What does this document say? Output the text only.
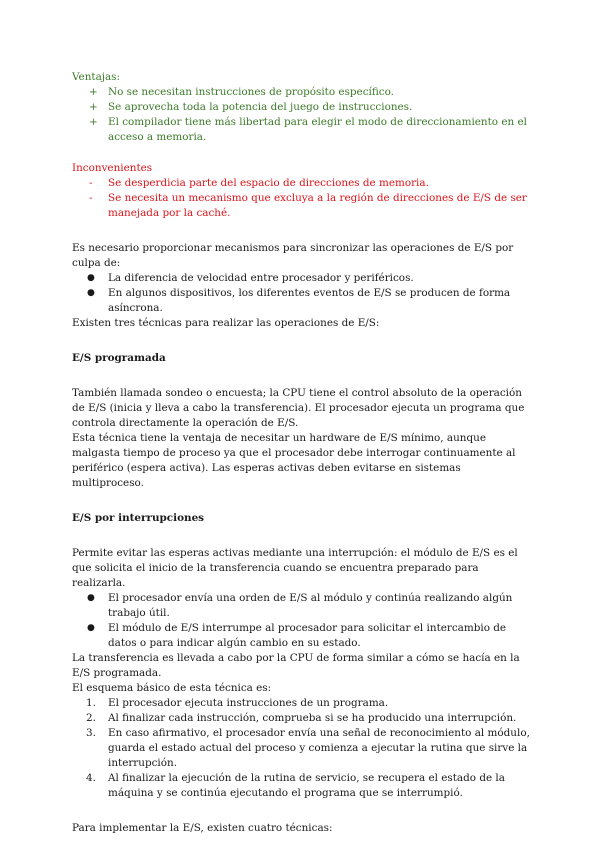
Ventajas:

+ No se necesitan instrucciones de propósito específico.
+ Se aprovecha toda la potencia del juego de instrucciones.
+ El compilador tiene más libertad para elegir el modo de direccionamiento en el acceso a memoria.

Inconvenientes

-	Se desperdicia parte del espacio de direcciones de memoria.
-	Se necesita un mecanismo que excluya a la región de direcciones de E/S de ser manejada por la caché.

Es necesario proporcionar mecanismos para sincronizar las operaciones de E/S por culpa de:

●	La diferencia de velocidad entre procesador y periféricos.
●	En algunos dispositivos, los diferentes eventos de E/S se producen de forma asíncrona.

Existen tres técnicas para realizar las operaciones de E/S:

E/S programada

También llamada sondeo o encuesta; la CPU tiene el control absoluto de la operación de E/S (inicia y lleva a cabo la transferencia). El procesador ejecuta un programa que controla directamente la operación de E/S.

Esta técnica tiene la ventaja de necesitar un hardware de E/S mínimo, aunque malgasta tiempo de proceso ya que el procesador debe interrogar continuamente al periférico (espera activa). Las esperas activas deben evitarse en sistemas multiproceso.

E/S por interrupciones

Permite evitar las esperas activas mediante una interrupción: el módulo de E/S es el que solicita el inicio de la transferencia cuando se encuentra preparado para realizarla.

●	El procesador envía una orden de E/S al módulo y continúa realizando algún trabajo útil.
●	El módulo de E/S interrumpe al procesador para solicitar el intercambio de datos o para indicar algún cambio en su estado.

La transferencia es llevada a cabo por la CPU de forma similar a cómo se hacía en la E/S programada.

El esquema básico de esta técnica es:

1.	El procesador ejecuta instrucciones de un programa.
2.	Al finalizar cada instrucción, comprueba si se ha producido una interrupción.
3.	En caso afirmativo, el procesador envía una señal de reconocimiento al módulo, guarda el estado actual del proceso y comienza a ejecutar la rutina que sirve la interrupción.
4.	Al finalizar la ejecución de la rutina de servicio, se recupera el estado de la máquina y se continúa ejecutando el programa que se interrumpió.

Para implementar la E/S, existen cuatro técnicas:
